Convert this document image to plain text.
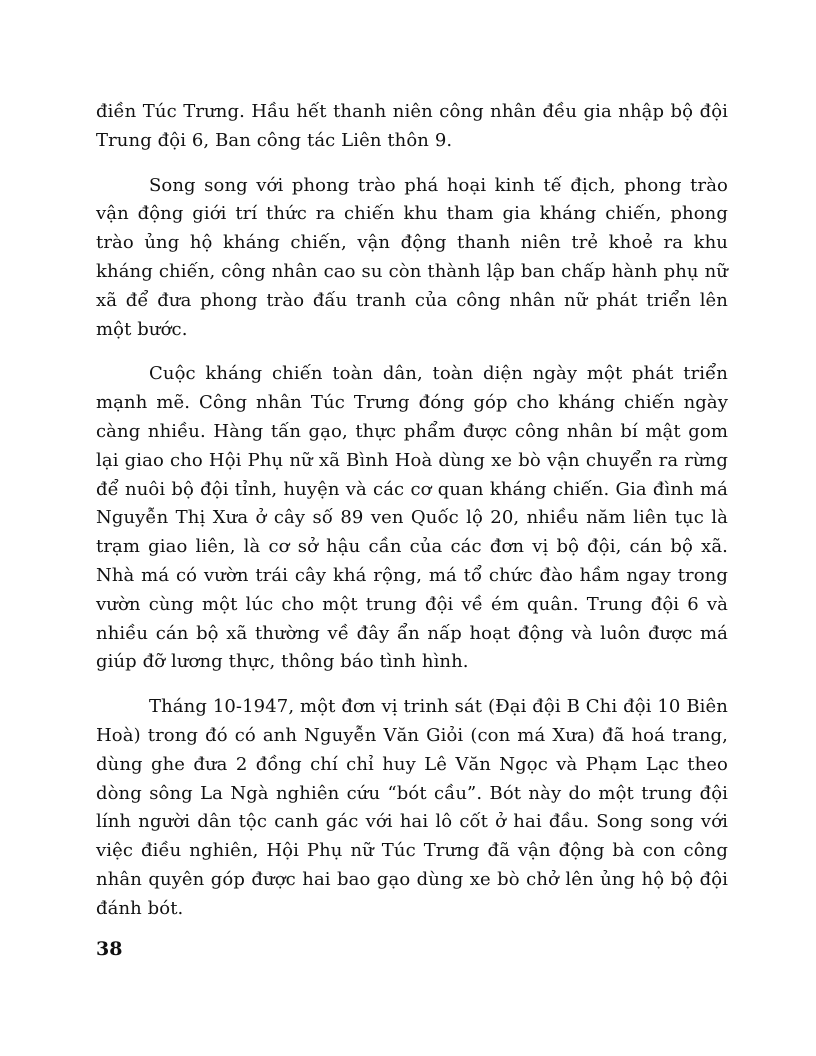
điền Túc Trưng. Hầu hết thanh niên công nhân đều gia nhập bộ đội Trung đội 6, Ban công tác Liên thôn 9.

Song song với phong trào phá hoại kinh tế địch, phong trào vận động giới trí thức ra chiến khu tham gia kháng chiến, phong trào ủng hộ kháng chiến, vận động thanh niên trẻ khoẻ ra khu kháng chiến, công nhân cao su còn thành lập ban chấp hành phụ nữ xã để đưa phong trào đấu tranh của công nhân nữ phát triển lên một bước.

Cuộc kháng chiến toàn dân, toàn diện ngày một phát triển mạnh mẽ. Công nhân Túc Trưng đóng góp cho kháng chiến ngày càng nhiều. Hàng tấn gạo, thực phẩm được công nhân bí mật gom lại giao cho Hội Phụ nữ xã Bình Hoà dùng xe bò vận chuyển ra rừng để nuôi bộ đội tỉnh, huyện và các cơ quan kháng chiến. Gia đình má Nguyễn Thị Xưa ở cây số 89 ven Quốc lộ 20, nhiều năm liên tục là trạm giao liên, là cơ sở hậu cần của các đơn vị bộ đội, cán bộ xã. Nhà má có vườn trái cây khá rộng, má tổ chức đào hầm ngay trong vườn cùng một lúc cho một trung đội về ém quân. Trung đội 6 và nhiều cán bộ xã thường về đây ẩn nấp hoạt động và luôn được má giúp đỡ lương thực, thông báo tình hình.

Tháng 10-1947, một đơn vị trinh sát (Đại đội B Chi đội 10 Biên Hoà) trong đó có anh Nguyễn Văn Giỏi (con má Xưa) đã hoá trang, dùng ghe đưa 2 đồng chí chỉ huy Lê Văn Ngọc và Phạm Lạc theo dòng sông La Ngà nghiên cứu “bót cầu”. Bót này do một trung đội lính người dân tộc canh gác với hai lô cốt ở hai đầu. Song song với việc điều nghiên, Hội Phụ nữ Túc Trưng đã vận động bà con công nhân quyên góp được hai bao gạo dùng xe bò chở lên ủng hộ bộ đội đánh bót.

38
